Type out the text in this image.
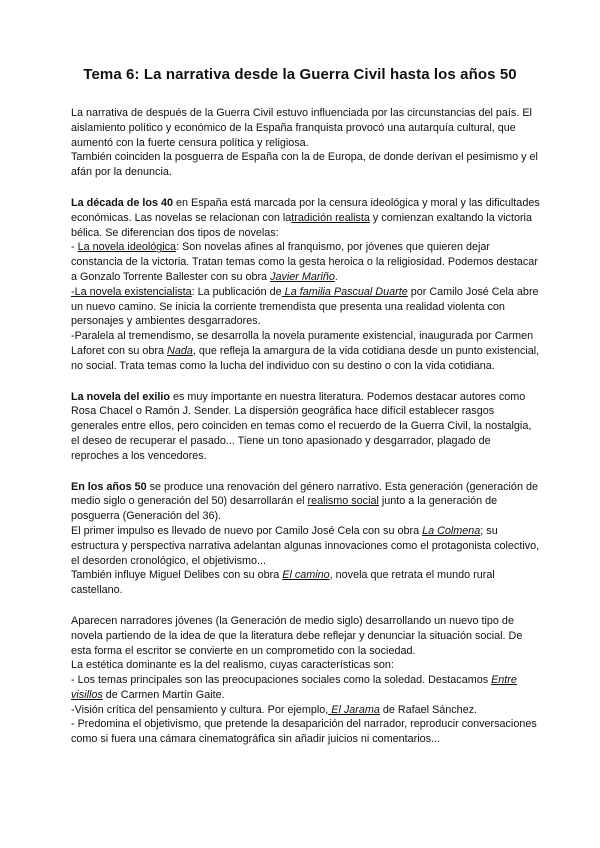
Tema 6: La narrativa desde la Guerra Civil hasta los años 50

La narrativa de después de la Guerra Civil estuvo influenciada por las circunstancias del país. El aislamiento político y económico de la España franquista provocó una autarquía cultural, que aumentó con la fuerte censura política y religiosa.

También coinciden la posguerra de España con la de Europa, de donde derivan el pesimismo y el afán por la denuncia.

La década de los 40 en España está marcada por la censura ideológica y moral y las dificultades económicas. Las novelas se relacionan con latradición realista y comienzan exaltando la victoria bélica. Se diferencian dos tipos de novelas:

- La novela ideológica: Son novelas afines al franquismo, por jóvenes que quieren dejar constancia de la victoria. Tratan temas como la gesta heroica o la religiosidad. Podemos destacar a Gonzalo Torrente Ballester con su obra Javier Mariño.

-La novela existencialista: La publicación de La familia Pascual Duarte por Camilo José Cela abre un nuevo camino. Se inicia la corriente tremendista que presenta una realidad violenta con personajes y ambientes desgarradores.

-Paralela al tremendismo, se desarrolla la novela puramente existencial, inaugurada por Carmen Laforet con su obra Nada, que refleja la amargura de la vida cotidiana desde un punto existencial, no social. Trata temas como la lucha del individuo con su destino o con la vida cotidiana.

La novela del exilio es muy importante en nuestra literatura. Podemos destacar autores como Rosa Chacel o Ramón J. Sender. La dispersión geográfica hace difícil establecer rasgos generales entre ellos, pero coinciden en temas como el recuerdo de la Guerra Civil, la nostalgia, el deseo de recuperar el pasado... Tiene un tono apasionado y desgarrador, plagado de reproches a los vencedores.

En los años 50 se produce una renovación del género narrativo. Esta generación (generación de medio siglo o generación del 50) desarrollarán el realismo social junto a la generación de posguerra (Generación del 36).

El primer impulso es llevado de nuevo por Camilo José Cela con su obra La Colmena; su estructura y perspectiva narrativa adelantan algunas innovaciones como el protagonista colectivo, el desorden cronológico, el objetivismo...

También influye Miguel Delibes con su obra El camino, novela que retrata el mundo rural castellano.

Aparecen narradores jóvenes (la Generación de medio siglo) desarrollando un nuevo tipo de novela partiendo de la idea de que la literatura debe reflejar y denunciar la situación social. De esta forma el escritor se convierte en un comprometido con la sociedad.

La estética dominante es la del realismo, cuyas características son:

- Los temas principales son las preocupaciones sociales como la soledad. Destacamos Entre visillos de Carmen Martín Gaite.

-Visión crítica del pensamiento y cultura. Por ejemplo, El Jarama de Rafael Sánchez.

- Predomina el objetivismo, que pretende la desaparición del narrador, reproducir conversaciones como si fuera una cámara cinematográfica sin añadir juicios ni comentarios...
